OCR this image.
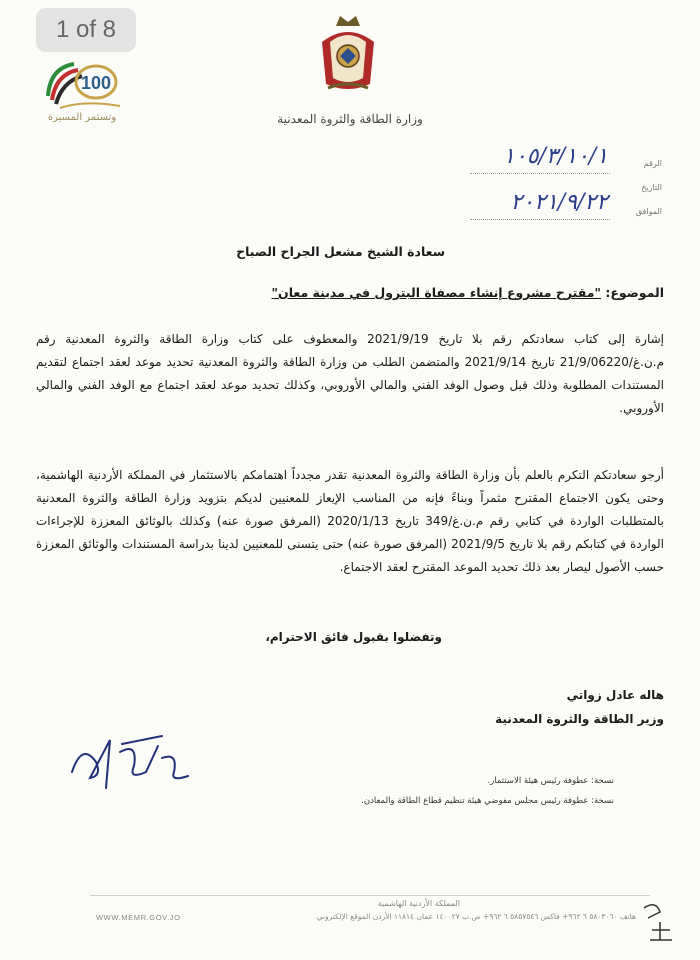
1 of 8
100
وتستمر المسيرة	وزارة الطاقة والثروة المعدنية
الرقم
التاريخ
الموافق
١٠٥/٣/١٠/١
٢٠٢١/٩/٢٢
سعادة الشيخ مشعل الجراح الصباح
الموضوع: "مقترح مشروع إنشاء مصفاة البترول في مدينة معان"
إشارة إلى كتاب سعادتكم رقم بلا تاريخ 2021/9/19 والمعطوف على كتاب وزارة الطاقة والثروة المعدنية رقم م.ن.غ/21/9/06220 تاريخ 2021/9/14 والمتضمن الطلب من وزارة الطاقة والثروة المعدنية تحديد موعد لعقد اجتماع لتقديم المستندات المطلوبة وذلك قبل وصول الوفد الفني والمالي الأوروبي، وكذلك تحديد موعد لعقد اجتماع مع الوفد الفني والمالي الأوروبي.
أرجو سعادتكم التكرم بالعلم بأن وزارة الطاقة والثروة المعدنية تقدر مجدداً اهتمامكم بالاستثمار في المملكة الأردنية الهاشمية، وحتى يكون الاجتماع المقترح مثمراً وبناءً فإنه من المناسب الإيعاز للمعنيين لديكم بتزويد وزارة الطاقة والثروة المعدنية بالمتطلبات الواردة في كتابي رقم م.ن.غ/349 تاريخ 2020/1/13 (المرفق صورة عنه) وكذلك بالوثائق المعززة للإجراءات الواردة في كتابكم رقم بلا تاريخ 2021/9/5 (المرفق صورة عنه) حتى يتسنى للمعنيين لدينا بدراسة المستندات والوثائق المعززة حسب الأصول ليصار بعد ذلك تحديد الموعد المقترح لعقد الاجتماع.
وتفضلوا بقبول فائق الاحترام،
هاله عادل زواتي
وزير الطاقة والثروة المعدنية
نسخة: عطوفة رئيس هيئة الاستثمار.
نسخة: عطوفة رئيس مجلس مفوضي هيئة تنظيم قطاع الطاقة والمعادن.
المملكة الأردنية الهاشمية
هاتف ٥٨٠٣٠٦٠ ٦ ٩٦٢+ فاكس ٥٨٥٧٥٤٦ ٦ ٩٦٢+ ص.ب ١٤٠٠٢٧ عمان ١١٨١٤ الأردن الموقع الإلكتروني
WWW.MEMR.GOV.JO
